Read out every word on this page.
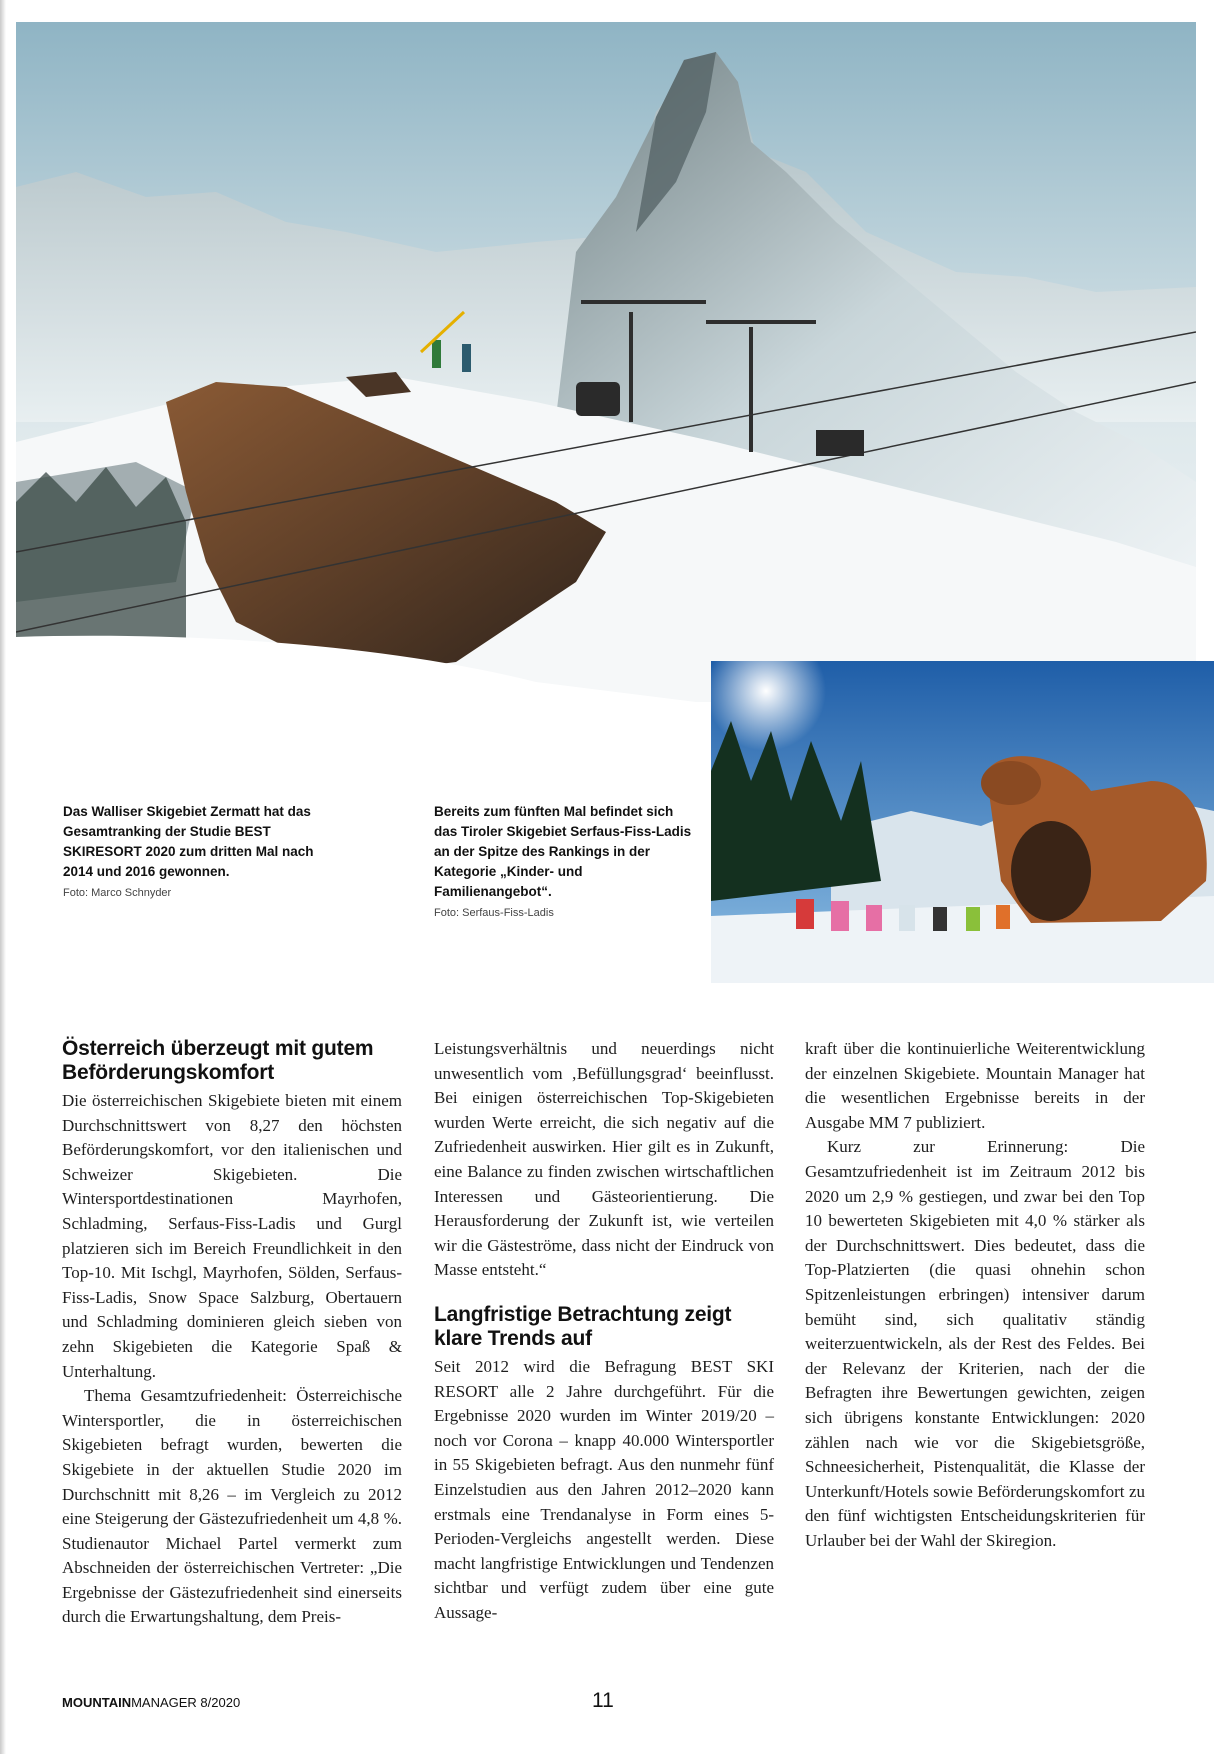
Das Walliser Skigebiet Zermatt hat das Gesamtranking der Studie BEST SKIRESORT 2020 zum dritten Mal nach 2014 und 2016 gewonnen.

Foto: Marco Schnyder

Bereits zum fünften Mal befindet sich das Tiroler Skigebiet Serfaus-Fiss-Ladis an der Spitze des Rankings in der Kategorie „Kinder- und Familienangebot“.

Foto: Serfaus-Fiss-Ladis

Österreich überzeugt mit gutem Beförderungskomfort

Die österreichischen Skigebiete bieten mit einem Durchschnittswert von 8,27 den höchsten Beförderungskomfort, vor den italienischen und Schweizer Skigebieten. Die Wintersportdestinationen Mayrhofen, Schladming, Serfaus-Fiss-Ladis und Gurgl platzieren sich im Bereich Freundlichkeit in den Top-10. Mit Ischgl, Mayrhofen, Sölden, Serfaus-Fiss-Ladis, Snow Space Salzburg, Obertauern und Schladming dominieren gleich sieben von zehn Skigebieten die Kategorie Spaß & Unterhaltung.

Thema Gesamtzufriedenheit: Österreichische Wintersportler, die in österreichischen Skigebieten befragt wurden, bewerten die Skigebiete in der aktuellen Studie 2020 im Durchschnitt mit 8,26 – im Vergleich zu 2012 eine Steigerung der Gästezufriedenheit um 4,8 %. Studienautor Michael Partel vermerkt zum Abschneiden der österreichischen Vertreter: „Die Ergebnisse der Gästezufriedenheit sind einerseits durch die Erwartungshaltung, dem Preis-

Leistungsverhältnis und neuerdings nicht unwesentlich vom ‚Befüllungsgrad‘ beeinflusst. Bei einigen österreichischen Top-Skigebieten wurden Werte erreicht, die sich negativ auf die Zufriedenheit auswirken. Hier gilt es in Zukunft, eine Balance zu finden zwischen wirtschaftlichen Interessen und Gästeorientierung. Die Herausforderung der Zukunft ist, wie verteilen wir die Gästeströme, dass nicht der Eindruck von Masse entsteht.“

Langfristige Betrachtung zeigt klare Trends auf

Seit 2012 wird die Befragung BEST SKI RESORT alle 2 Jahre durchgeführt. Für die Ergebnisse 2020 wurden im Winter 2019/20 – noch vor Corona – knapp 40.000 Wintersportler in 55 Skigebieten befragt. Aus den nunmehr fünf Einzelstudien aus den Jahren 2012–2020 kann erstmals eine Trendanalyse in Form eines 5-Perioden-Vergleichs angestellt werden. Diese macht langfristige Entwicklungen und Tendenzen sichtbar und verfügt zudem über eine gute Aussage-

kraft über die kontinuierliche Weiterentwicklung der einzelnen Skigebiete. Mountain Manager hat die wesentlichen Ergebnisse bereits in der Ausgabe MM 7 publiziert.

Kurz zur Erinnerung: Die Gesamtzufriedenheit ist im Zeitraum 2012 bis 2020 um 2,9 % gestiegen, und zwar bei den Top 10 bewerteten Skigebieten mit 4,0 % stärker als der Durchschnittswert. Dies bedeutet, dass die Top-Platzierten (die quasi ohnehin schon Spitzenleistungen erbringen) intensiver darum bemüht sind, sich qualitativ ständig weiterzuentwickeln, als der Rest des Feldes. Bei der Relevanz der Kriterien, nach der die Befragten ihre Bewertungen gewichten, zeigen sich übrigens konstante Entwicklungen: 2020 zählen nach wie vor die Skigebietsgröße, Schneesicherheit, Pistenqualität, die Klasse der Unterkunft/Hotels sowie Beförderungskomfort zu den fünf wichtigsten Entscheidungskriterien für Urlauber bei der Wahl der Skiregion.

MOUNTAINMANAGER 8/2020	11
